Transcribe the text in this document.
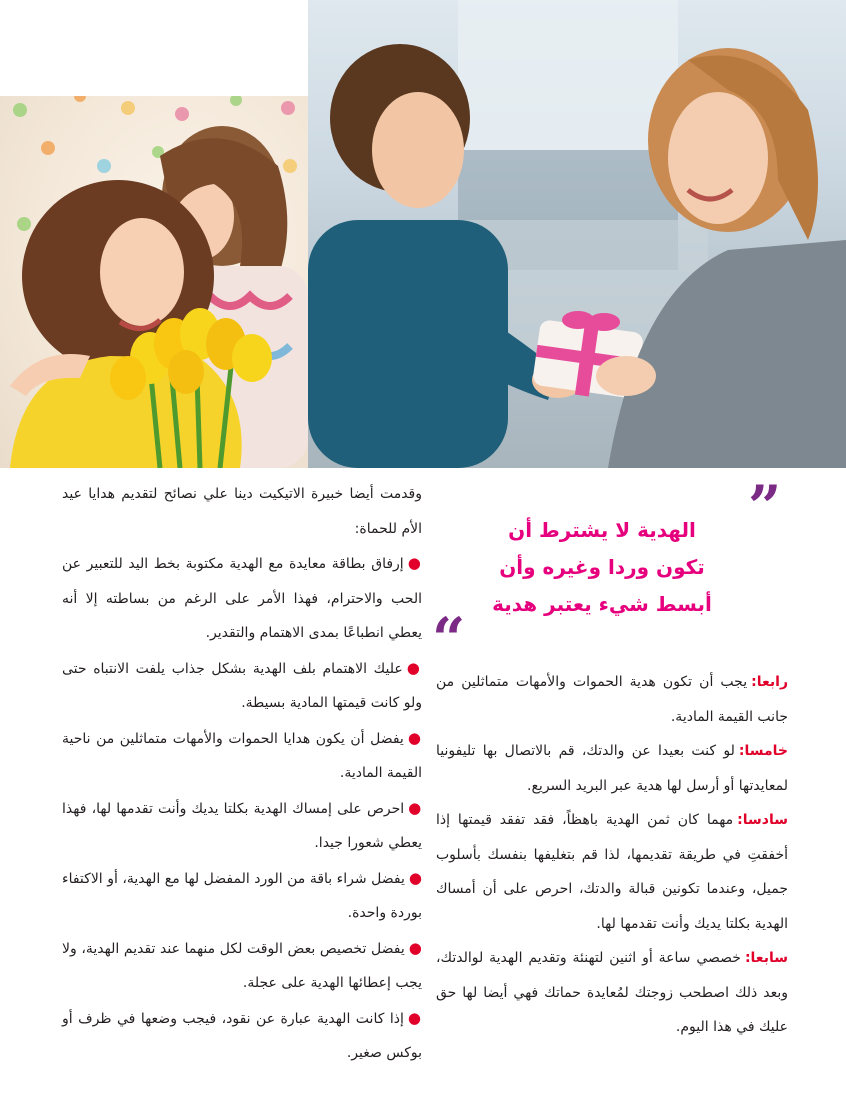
وقدمت أيضا خبيرة الاتيكيت دينا علي نصائح لتقديم هدايا عيد الأم للحماة:
●إرفاق بطاقة معايدة مع الهدية مكتوبة بخط اليد للتعبير عن الحب والاحترام، فهذا الأمر على الرغم من بساطته إلا أنه يعطي انطباعًا بمدى الاهتمام والتقدير.
●عليك الاهتمام بلف الهدية بشكل جذاب يلفت الانتباه حتى ولو كانت قيمتها المادية بسيطة.
●يفضل أن يكون هدايا الحموات والأمهات متماثلين من ناحية القيمة المادية.
●احرص على إمساك الهدية بكلتا يديك وأنت تقدمها لها، فهذا يعطي شعورا جيدا.
●يفضل شراء باقة من الورد المفضل لها مع الهدية، أو الاكتفاء بوردة واحدة.
●يفضل تخصيص بعض الوقت لكل منهما عند تقديم الهدية، ولا يجب إعطائها الهدية على عجلة.
●إذا كانت الهدية عبارة عن نقود، فيجب وضعها في ظرف أو بوكس صغير.
”
الهدية لا يشترط أن
تكون وردا وغيره وأن
أبسط شيء يعتبر هدية
“
رابعا:يجب أن تكون هدية الحموات والأمهات متماثلين من جانب القيمة المادية.
خامسا:لو كنت بعيدا عن والدتك، قم بالاتصال بها تليفونيا لمعايدتها أو أرسل لها هدية عبر البريد السريع.
سادسا:مهما كان ثمن الهدية باهظاً، فقد تفقد قيمتها إذا أخفقتِ في طريقة تقديمها، لذا قم بتغليفها بنفسك بأسلوب جميل، وعندما تكونين قبالة والدتك، احرص على أن أمساك الهدية بكلتا يديك وأنت تقدمها لها.
سابعا:خصصي ساعة أو اثنين لتهنئة وتقديم الهدية لوالدتك، وبعد ذلك اصطحب زوجتك لمُعايدة حماتك فهي أيضا لها حق عليك في هذا اليوم.
